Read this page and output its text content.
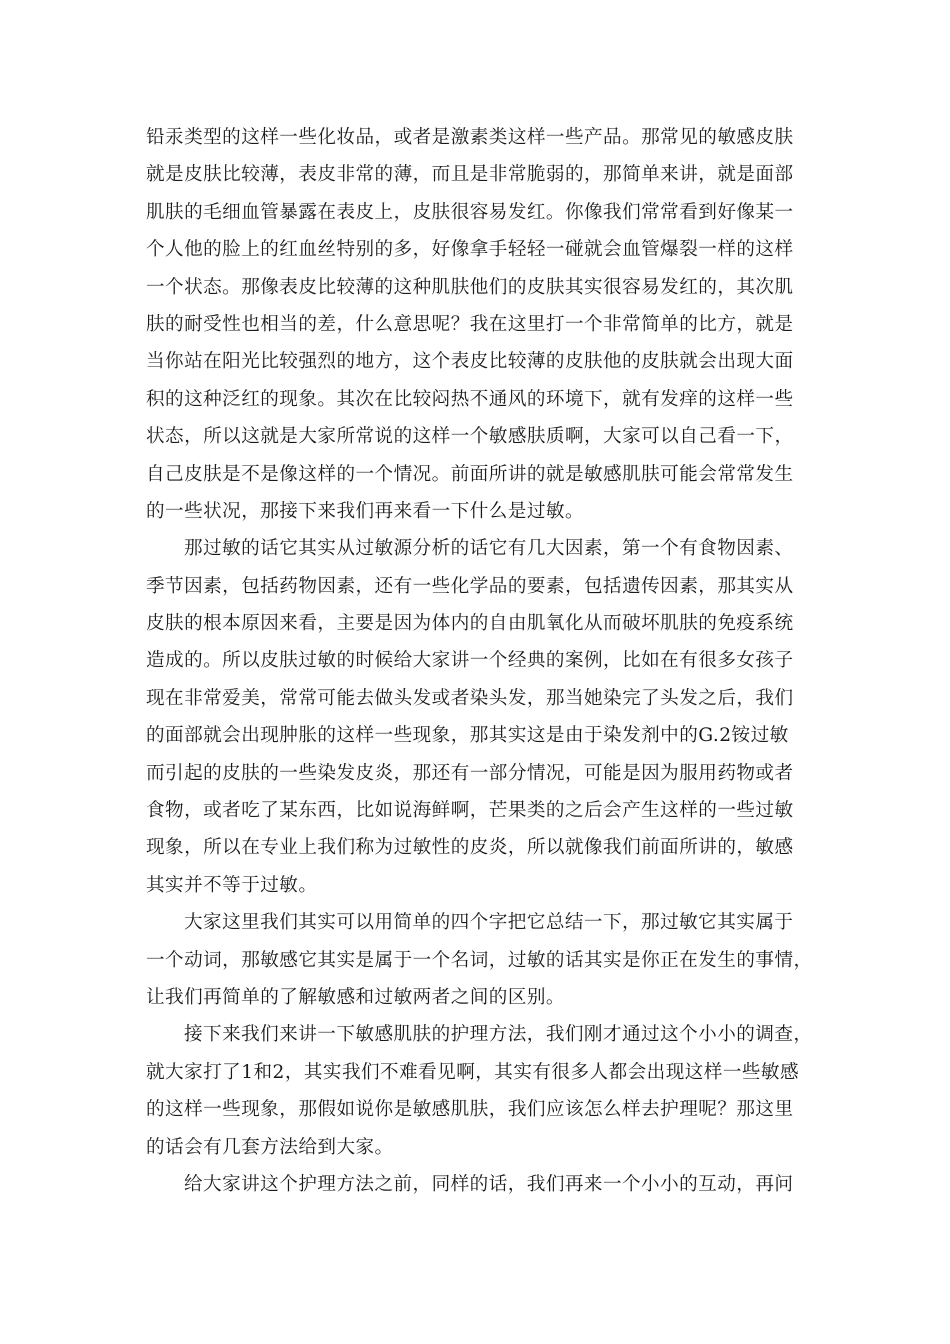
铅汞类型的这样一些化妆品，或者是激素类这样一些产品。那常见的敏感皮肤
就是皮肤比较薄，表皮非常的薄，而且是非常脆弱的，那简单来讲，就是面部
肌肤的毛细血管暴露在表皮上，皮肤很容易发红。你像我们常常看到好像某一
个人他的脸上的红血丝特别的多，好像拿手轻轻一碰就会血管爆裂一样的这样
一个状态。那像表皮比较薄的这种肌肤他们的皮肤其实很容易发红的，其次肌
肤的耐受性也相当的差，什么意思呢？我在这里打一个非常简单的比方，就是
当你站在阳光比较强烈的地方，这个表皮比较薄的皮肤他的皮肤就会出现大面
积的这种泛红的现象。其次在比较闷热不通风的环境下，就有发痒的这样一些
状态，所以这就是大家所常说的这样一个敏感肤质啊，大家可以自己看一下，
自己皮肤是不是像这样的一个情况。前面所讲的就是敏感肌肤可能会常常发生
的一些状况，那接下来我们再来看一下什么是过敏。
那过敏的话它其实从过敏源分析的话它有几大因素，第一个有食物因素、
季节因素，包括药物因素，还有一些化学品的要素，包括遗传因素，那其实从
皮肤的根本原因来看，主要是因为体内的自由肌氧化从而破坏肌肤的免疫系统
造成的。所以皮肤过敏的时候给大家讲一个经典的案例，比如在有很多女孩子
现在非常爱美，常常可能去做头发或者染头发，那当她染完了头发之后，我们
的面部就会出现肿胀的这样一些现象，那其实这是由于染发剂中的G.2铵过敏
而引起的皮肤的一些染发皮炎，那还有一部分情况，可能是因为服用药物或者
食物，或者吃了某东西，比如说海鲜啊，芒果类的之后会产生这样的一些过敏
现象，所以在专业上我们称为过敏性的皮炎，所以就像我们前面所讲的，敏感
其实并不等于过敏。
大家这里我们其实可以用简单的四个字把它总结一下，那过敏它其实属于
一个动词，那敏感它其实是属于一个名词，过敏的话其实是你正在发生的事情，
让我们再简单的了解敏感和过敏两者之间的区别。
接下来我们来讲一下敏感肌肤的护理方法，我们刚才通过这个小小的调查，
就大家打了1和2，其实我们不难看见啊，其实有很多人都会出现这样一些敏感
的这样一些现象，那假如说你是敏感肌肤，我们应该怎么样去护理呢？那这里
的话会有几套方法给到大家。
给大家讲这个护理方法之前，同样的话，我们再来一个小小的互动，再问
